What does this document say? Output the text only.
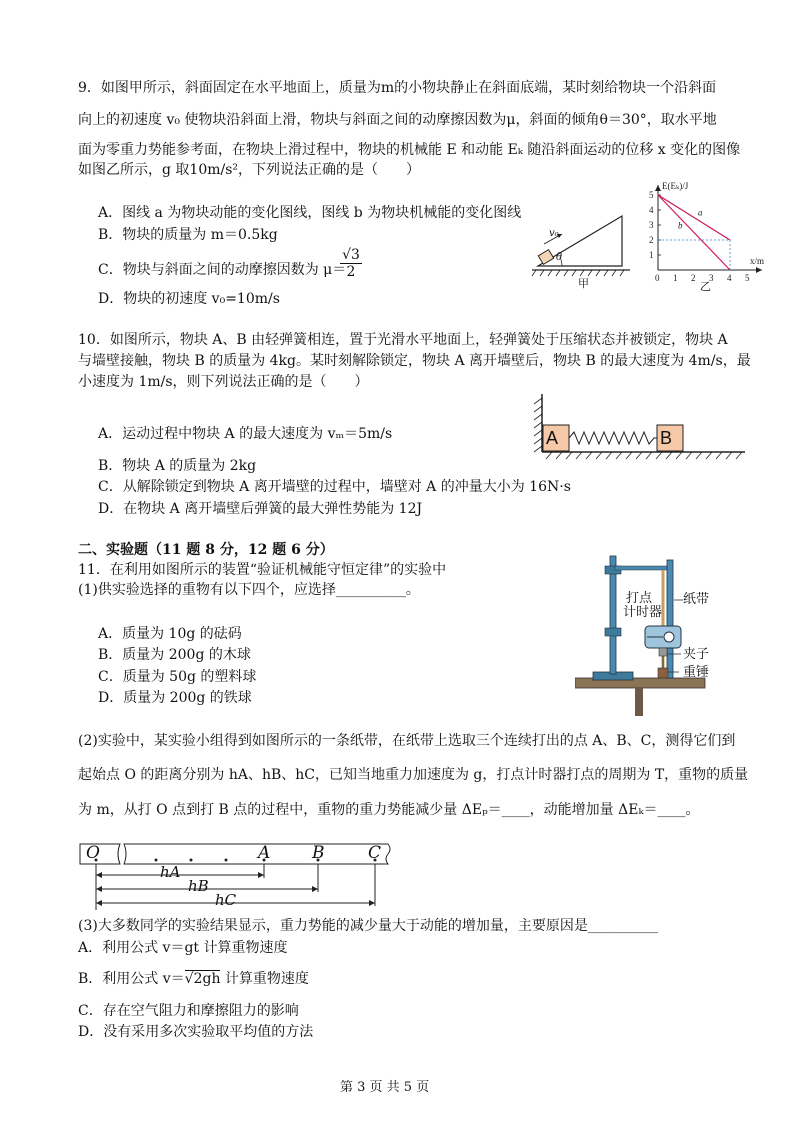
9．如图甲所示，斜面固定在水平地面上，质量为m的小物块静止在斜面底端，某时刻给物块一个沿斜面
向上的初速度 v₀ 使物块沿斜面上滑，物块与斜面之间的动摩擦因数为μ，斜面的倾角θ＝30°，取水平地
面为零重力势能参考面，在物块上滑过程中，物块的机械能 E 和动能 Eₖ 随沿斜面运动的位移 x 变化的图像
如图乙所示，g 取10m/s²，下列说法正确的是（　　）
A．图线 a 为物块动能的变化图线，图线 b 为物块机械能的变化图线
B．物块的质量为 m＝0.5kg
C．物块与斜面之间的动摩擦因数为 μ＝
$\frac{√3}{2}$
D．物块的初速度 v₀=10m/s
v₀
θ
甲	0 1 2 3 4 5
1
2
3
4
5
E(Eₖ)/J
x/m
a
b
乙
10．如图所示，物块 A、B 由轻弹簧相连，置于光滑水平地面上，轻弹簧处于压缩状态并被锁定，物块 A
与墙壁接触，物块 B 的质量为 4kg。某时刻解除锁定，物块 A 离开墙壁后，物块 B 的最大速度为 4m/s，最
小速度为 1m/s，则下列说法正确的是（　　）
A．运动过程中物块 A 的最大速度为 vₘ＝5m/s
B．物块 A 的质量为 2kg
C．从解除锁定到物块 A 离开墙壁的过程中，墙壁对 A 的冲量大小为 16N·s
D．在物块 A 离开墙壁后弹簧的最大弹性势能为 12J
A	B
二、实验题（11 题 8 分，12 题 6 分）
11．在利用如图所示的装置“验证机械能守恒定律”的实验中
(1)供实验选择的重物有以下四个，应选择__________。
A．质量为 10g 的砝码
B．质量为 200g 的木球
C．质量为 50g 的塑料球
D．质量为 200g 的铁球
打点
计时器
纸带
夹子
重锤
(2)实验中，某实验小组得到如图所示的一条纸带，在纸带上选取三个连续打出的点 A、B、C，测得它们到
起始点 O 的距离分别为 hA、hB、hC，已知当地重力加速度为 g，打点计时器打点的周期为 T，重物的质量
为 m，从打 O 点到打 B 点的过程中，重物的重力势能减少量 ΔEₚ＝____，动能增加量 ΔEₖ＝____。
O	A B	C
hA
hB
hC
(3)大多数同学的实验结果显示，重力势能的减少量大于动能的增加量，主要原因是__________
A．利用公式 v＝gt 计算重物速度
B．利用公式 v＝√2gh 计算重物速度
C．存在空气阻力和摩擦阻力的影响
D．没有采用多次实验取平均值的方法
第 3 页 共 5 页
